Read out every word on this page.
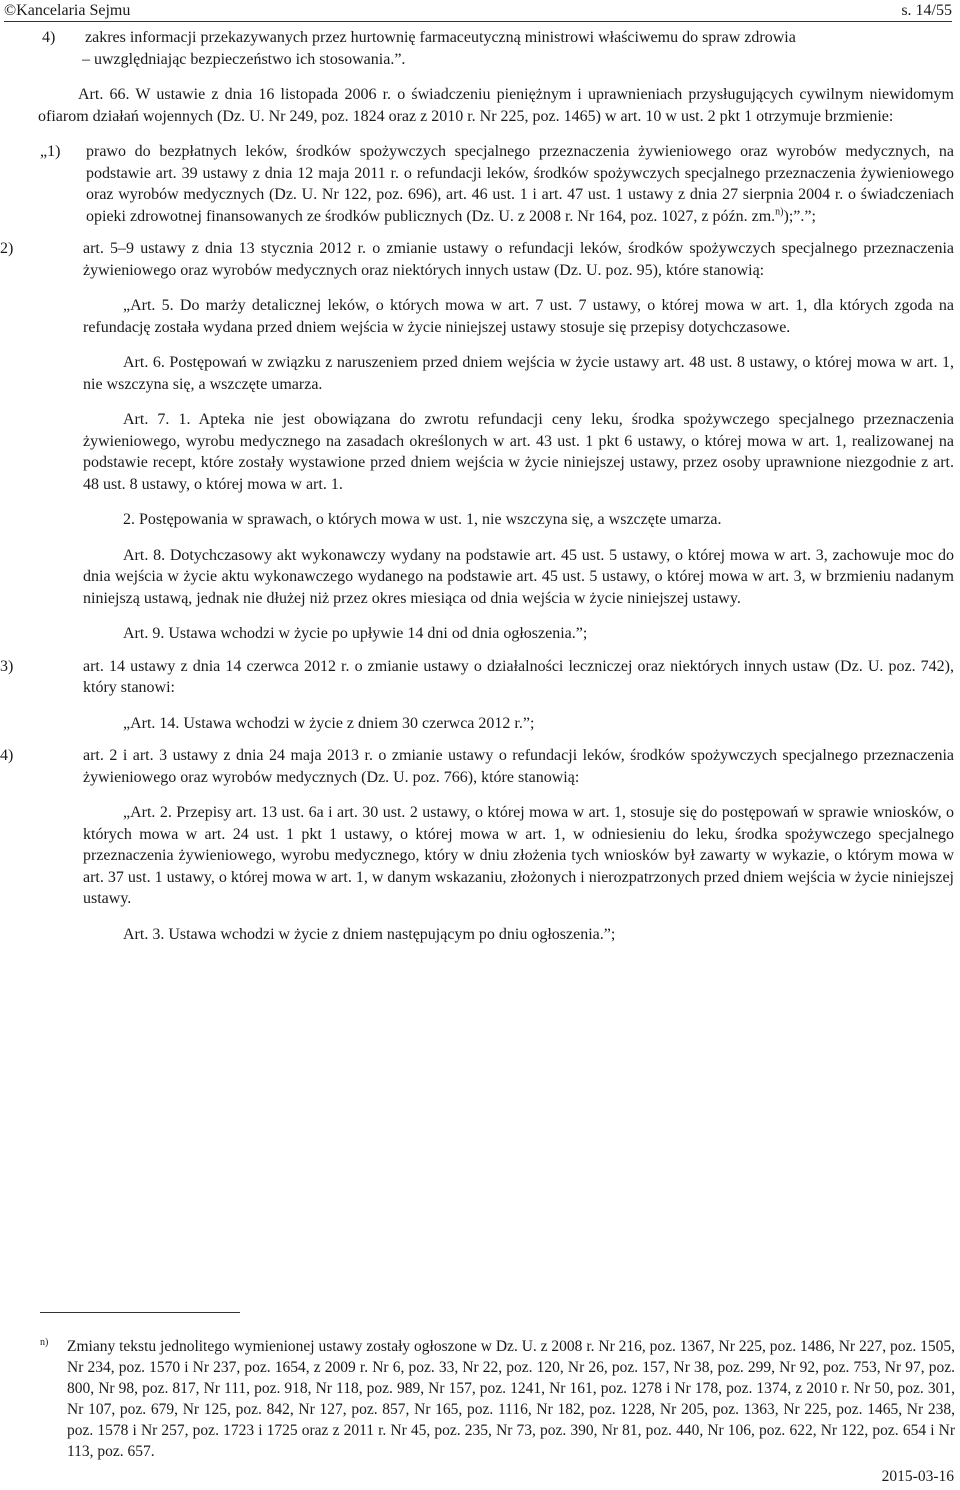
©Kancelaria Sejmu	s. 14/55
4) zakres informacji przekazywanych przez hurtownię farmaceutyczną ministrowi właściwemu do spraw zdrowia

– uwzględniając bezpieczeństwo ich stosowania.”.

Art. 66. W ustawie z dnia 16 listopada 2006 r. o świadczeniu pieniężnym i uprawnieniach przysługujących cywilnym niewidomym ofiarom działań wojennych (Dz. U. Nr 249, poz. 1824 oraz z 2010 r. Nr 225, poz. 1465) w art. 10 w ust. 2 pkt 1 otrzymuje brzmienie:

„1)	prawo do bezpłatnych leków, środków spożywczych specjalnego przeznaczenia żywieniowego oraz wyrobów medycznych, na podstawie art. 39 ustawy z dnia 12 maja 2011 r. o refundacji leków, środków spożywczych specjalnego przeznaczenia żywieniowego oraz wyrobów medycznych (Dz. U. Nr 122, poz. 696), art. 46 ust. 1 i art. 47 ust. 1 ustawy z dnia 27 sierpnia 2004 r. o świadczeniach opieki zdrowotnej finansowanych ze środków publicznych (Dz. U. z 2008 r. Nr 164, poz. 1027, z późn. zm.$^{n)}$);”.”;

2)	art. 5–9 ustawy z dnia 13 stycznia 2012 r. o zmianie ustawy o refundacji leków, środków spożywczych specjalnego przeznaczenia żywieniowego oraz wyrobów medycznych oraz niektórych innych ustaw (Dz. U. poz. 95), które stanowią:

„Art. 5. Do marży detalicznej leków, o których mowa w art. 7 ust. 7 ustawy, o której mowa w art. 1, dla których zgoda na refundację została wydana przed dniem wejścia w życie niniejszej ustawy stosuje się przepisy dotychczasowe.

Art. 6. Postępowań w związku z naruszeniem przed dniem wejścia w życie ustawy art. 48 ust. 8 ustawy, o której mowa w art. 1, nie wszczyna się, a wszczęte umarza.

Art. 7. 1. Apteka nie jest obowiązana do zwrotu refundacji ceny leku, środka spożywczego specjalnego przeznaczenia żywieniowego, wyrobu medycznego na zasadach określonych w art. 43 ust. 1 pkt 6 ustawy, o której mowa w art. 1, realizowanej na podstawie recept, które zostały wystawione przed dniem wejścia w życie niniejszej ustawy, przez osoby uprawnione niezgodnie z art. 48 ust. 8 ustawy, o której mowa w art. 1.

2. Postępowania w sprawach, o których mowa w ust. 1, nie wszczyna się, a wszczęte umarza.

Art. 8. Dotychczasowy akt wykonawczy wydany na podstawie art. 45 ust. 5 ustawy, o której mowa w art. 3, zachowuje moc do dnia wejścia w życie aktu wykonawczego wydanego na podstawie art. 45 ust. 5 ustawy, o której mowa w art. 3, w brzmieniu nadanym niniejszą ustawą, jednak nie dłużej niż przez okres miesiąca od dnia wejścia w życie niniejszej ustawy.

Art. 9. Ustawa wchodzi w życie po upływie 14 dni od dnia ogłoszenia.”;

3)	art. 14 ustawy z dnia 14 czerwca 2012 r. o zmianie ustawy o działalności leczniczej oraz niektórych innych ustaw (Dz. U. poz. 742), który stanowi:

„Art. 14. Ustawa wchodzi w życie z dniem 30 czerwca 2012 r.”;

4)	art. 2 i art. 3 ustawy z dnia 24 maja 2013 r. o zmianie ustawy o refundacji leków, środków spożywczych specjalnego przeznaczenia żywieniowego oraz wyrobów medycznych (Dz. U. poz. 766), które stanowią:

„Art. 2. Przepisy art. 13 ust. 6a i art. 30 ust. 2 ustawy, o której mowa w art. 1, stosuje się do postępowań w sprawie wniosków, o których mowa w art. 24 ust. 1 pkt 1 ustawy, o której mowa w art. 1, w odniesieniu do leku, środka spożywczego specjalnego przeznaczenia żywieniowego, wyrobu medycznego, który w dniu złożenia tych wniosków był zawarty w wykazie, o którym mowa w art. 37 ust. 1 ustawy, o której mowa w art. 1, w danym wskazaniu, złożonych i nierozpatrzonych przed dniem wejścia w życie niniejszej ustawy.

Art. 3. Ustawa wchodzi w życie z dniem następującym po dniu ogłoszenia.”;

n)	Zmiany tekstu jednolitego wymienionej ustawy zostały ogłoszone w Dz. U. z 2008 r. Nr 216, poz. 1367, Nr 225, poz. 1486, Nr 227, poz. 1505, Nr 234, poz. 1570 i Nr 237, poz. 1654, z 2009 r. Nr 6, poz. 33, Nr 22, poz. 120, Nr 26, poz. 157, Nr 38, poz. 299, Nr 92, poz. 753, Nr 97, poz. 800, Nr 98, poz. 817, Nr 111, poz. 918, Nr 118, poz. 989, Nr 157, poz. 1241, Nr 161, poz. 1278 i Nr 178, poz. 1374, z 2010 r. Nr 50, poz. 301, Nr 107, poz. 679, Nr 125, poz. 842, Nr 127, poz. 857, Nr 165, poz. 1116, Nr 182, poz. 1228, Nr 205, poz. 1363, Nr 225, poz. 1465, Nr 238, poz. 1578 i Nr 257, poz. 1723 i 1725 oraz z 2011 r. Nr 45, poz. 235, Nr 73, poz. 390, Nr 81, poz. 440, Nr 106, poz. 622, Nr 122, poz. 654 i Nr 113, poz. 657.

2015-03-16
